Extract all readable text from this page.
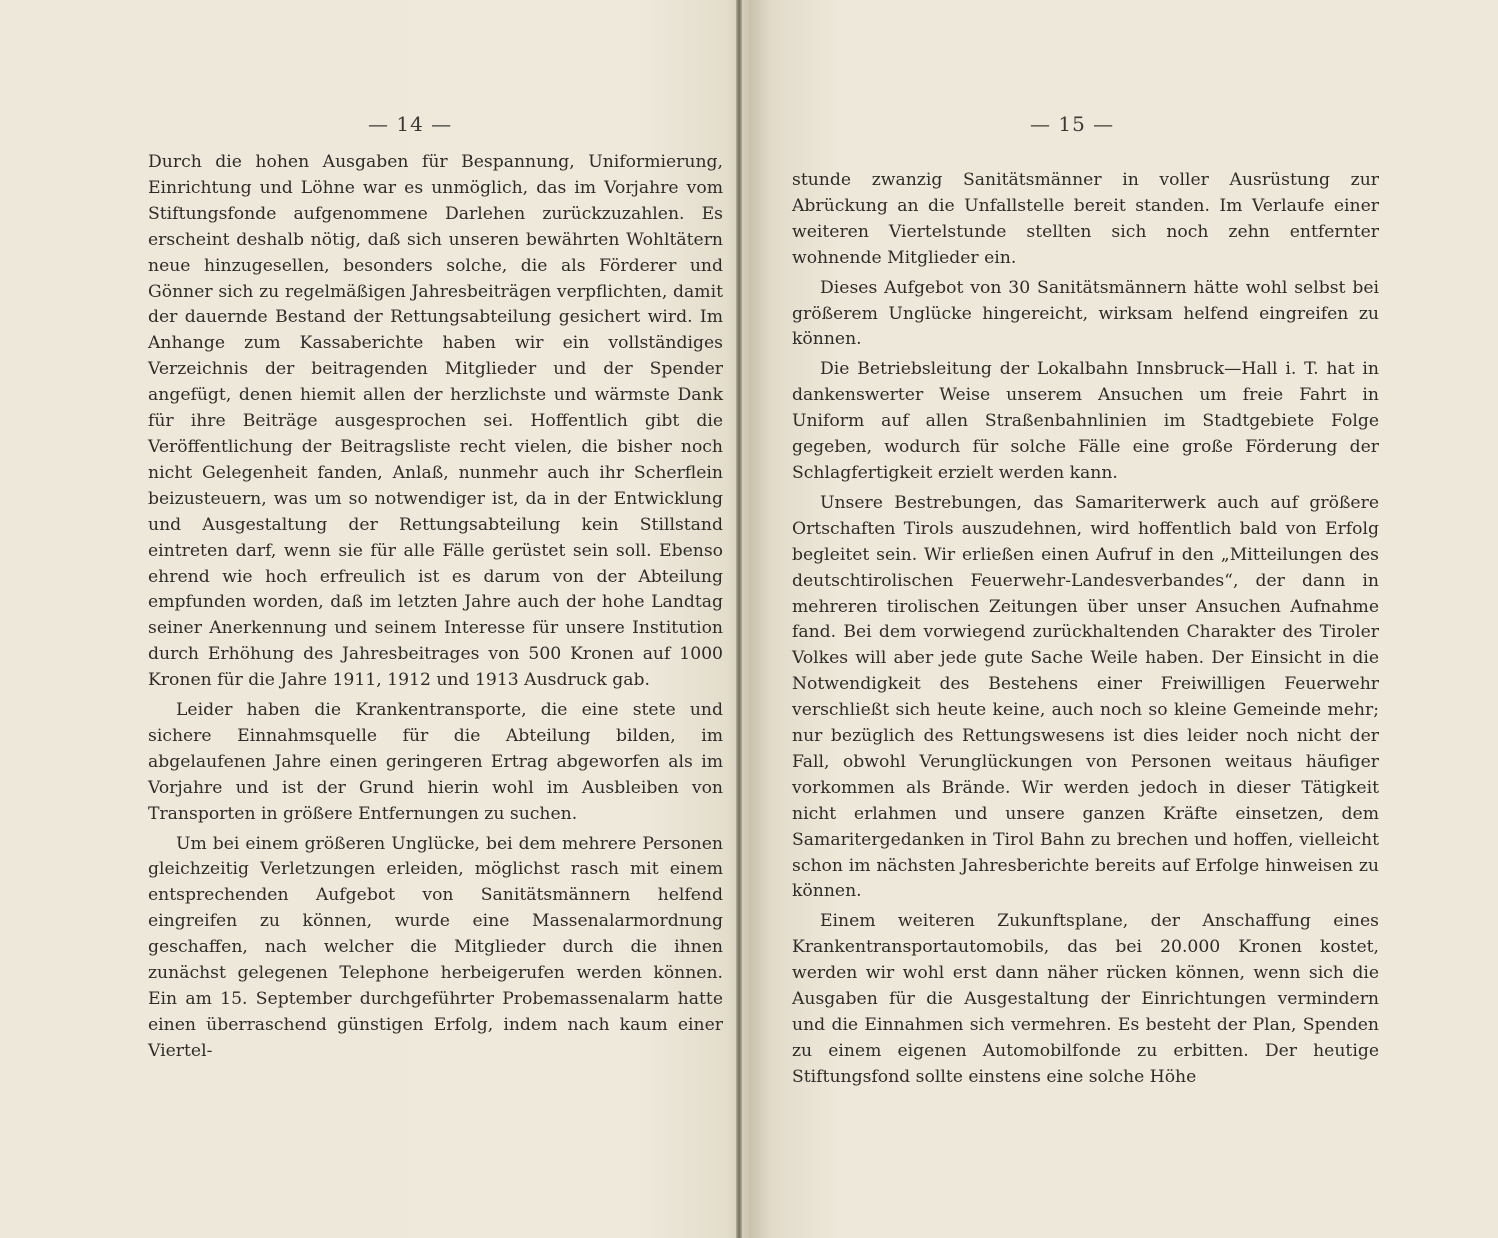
— 14 —

Durch die hohen Ausgaben für Bespannung, Uniformierung, Einrichtung und Löhne war es unmöglich, das im Vorjahre vom Stiftungsfonde aufgenommene Darlehen zurückzuzahlen. Es erscheint deshalb nötig, daß sich unseren bewährten Wohltätern neue hinzugesellen, besonders solche, die als Förderer und Gönner sich zu regelmäßigen Jahresbeiträgen verpflichten, damit der dauernde Bestand der Rettungsabteilung gesichert wird. Im Anhange zum Kassaberichte haben wir ein vollständiges Verzeichnis der beitragenden Mitglieder und der Spender angefügt, denen hiemit allen der herzlichste und wärmste Dank für ihre Beiträge ausgesprochen sei. Hoffentlich gibt die Veröffentlichung der Beitragsliste recht vielen, die bisher noch nicht Gelegenheit fanden, Anlaß, nunmehr auch ihr Scherflein beizusteuern, was um so notwendiger ist, da in der Entwicklung und Ausgestaltung der Rettungsabteilung kein Stillstand eintreten darf, wenn sie für alle Fälle gerüstet sein soll. Ebenso ehrend wie hoch erfreulich ist es darum von der Abteilung empfunden worden, daß im letzten Jahre auch der hohe Landtag seiner Anerkennung und seinem Interesse für unsere Institution durch Erhöhung des Jahresbeitrages von 500 Kronen auf 1000 Kronen für die Jahre 1911, 1912 und 1913 Ausdruck gab.

Leider haben die Krankentransporte, die eine stete und sichere Einnahmsquelle für die Abteilung bilden, im abgelaufenen Jahre einen geringeren Ertrag abgeworfen als im Vorjahre und ist der Grund hierin wohl im Ausbleiben von Transporten in größere Entfernungen zu suchen.

Um bei einem größeren Unglücke, bei dem mehrere Personen gleichzeitig Verletzungen erleiden, möglichst rasch mit einem entsprechenden Aufgebot von Sanitätsmännern helfend eingreifen zu können, wurde eine Massenalarmordnung geschaffen, nach welcher die Mitglieder durch die ihnen zunächst gelegenen Telephone herbeigerufen werden können. Ein am 15. September durchgeführter Probemassenalarm hatte einen überraschend günstigen Erfolg, indem nach kaum einer Viertel-

— 15 —

stunde zwanzig Sanitätsmänner in voller Ausrüstung zur Abrückung an die Unfallstelle bereit standen. Im Verlaufe einer weiteren Viertelstunde stellten sich noch zehn entfernter wohnende Mitglieder ein.

Dieses Aufgebot von 30 Sanitätsmännern hätte wohl selbst bei größerem Unglücke hingereicht, wirksam helfend eingreifen zu können.

Die Betriebsleitung der Lokalbahn Innsbruck—Hall i. T. hat in dankenswerter Weise unserem Ansuchen um freie Fahrt in Uniform auf allen Straßenbahnlinien im Stadtgebiete Folge gegeben, wodurch für solche Fälle eine große Förderung der Schlagfertigkeit erzielt werden kann.

Unsere Bestrebungen, das Samariterwerk auch auf größere Ortschaften Tirols auszudehnen, wird hoffentlich bald von Erfolg begleitet sein. Wir erließen einen Aufruf in den „Mitteilungen des deutschtirolischen Feuerwehr-Landesverbandes“, der dann in mehreren tirolischen Zeitungen über unser Ansuchen Aufnahme fand. Bei dem vorwiegend zurückhaltenden Charakter des Tiroler Volkes will aber jede gute Sache Weile haben. Der Einsicht in die Notwendigkeit des Bestehens einer Freiwilligen Feuerwehr verschließt sich heute keine, auch noch so kleine Gemeinde mehr; nur bezüglich des Rettungswesens ist dies leider noch nicht der Fall, obwohl Verunglückungen von Personen weitaus häufiger vorkommen als Brände. Wir werden jedoch in dieser Tätigkeit nicht erlahmen und unsere ganzen Kräfte einsetzen, dem Samaritergedanken in Tirol Bahn zu brechen und hoffen, vielleicht schon im nächsten Jahresberichte bereits auf Erfolge hinweisen zu können.

Einem weiteren Zukunftsplane, der Anschaffung eines Krankentransportautomobils, das bei 20.000 Kronen kostet, werden wir wohl erst dann näher rücken können, wenn sich die Ausgaben für die Ausgestaltung der Einrichtungen vermindern und die Einnahmen sich vermehren. Es besteht der Plan, Spenden zu einem eigenen Automobilfonde zu erbitten. Der heutige Stiftungsfond sollte einstens eine solche Höhe
